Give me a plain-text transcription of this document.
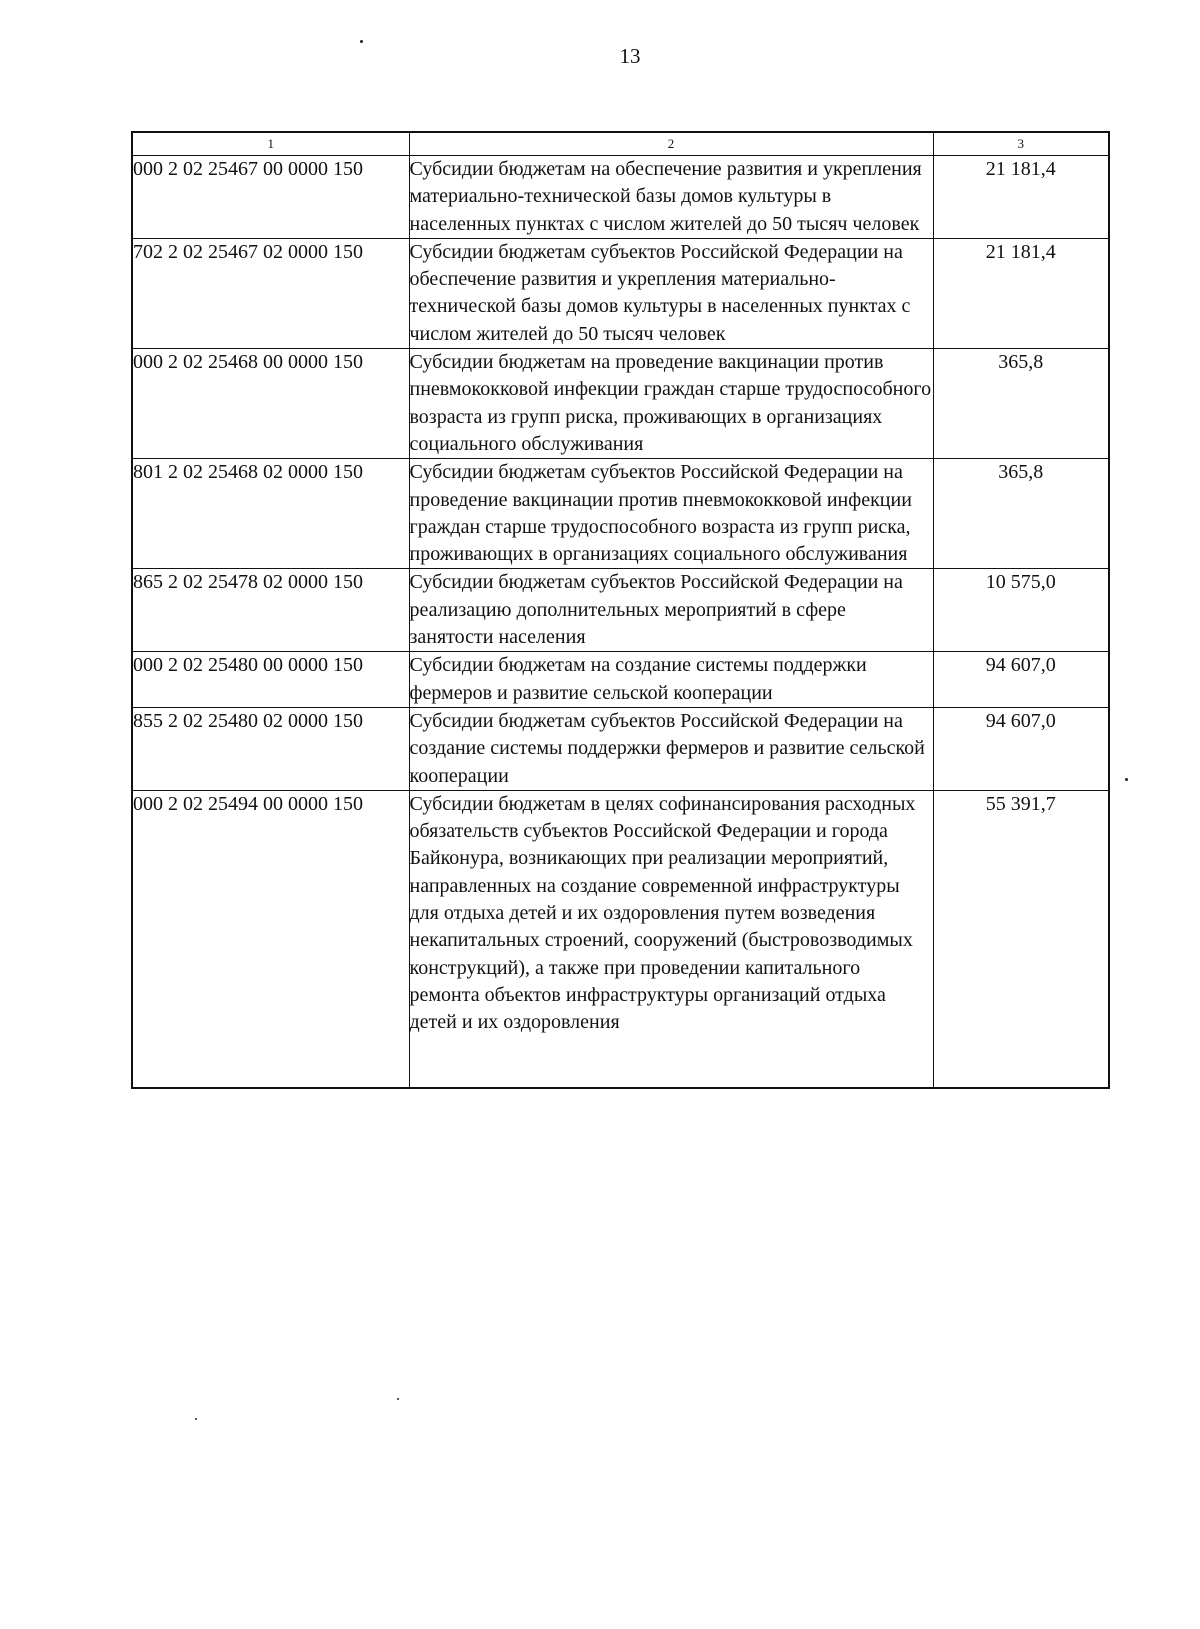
13
1	2	3
000 2 02 25467 00 0000 150	Субсидии бюджетам на обеспечение развития и укрепления материально-технической базы домов культуры в населенных пунктах с числом жителей до 50 тысяч человек	21 181,4
702 2 02 25467 02 0000 150	Субсидии бюджетам субъектов Российской Федерации на обеспечение развития и укрепления материально-технической базы домов культуры в населенных пунктах с числом жителей до 50 тысяч человек	21 181,4
000 2 02 25468 00 0000 150	Субсидии бюджетам на проведение вакцинации против пневмококковой инфекции граждан старше трудоспособного возраста из групп риска, проживающих в организациях социального обслуживания	365,8
801 2 02 25468 02 0000 150	Субсидии бюджетам субъектов Российской Федерации на проведение вакцинации против пневмококковой инфекции граждан старше трудоспособного возраста из групп риска, проживающих в организациях социального обслуживания	365,8
865 2 02 25478 02 0000 150	Субсидии бюджетам субъектов Российской Федерации на реализацию дополнительных мероприятий в сфере занятости населения	10 575,0
000 2 02 25480 00 0000 150	Субсидии бюджетам на создание системы поддержки фермеров и развитие сельской кооперации	94 607,0
855 2 02 25480 02 0000 150	Субсидии бюджетам субъектов Российской Федерации на создание системы поддержки фермеров и развитие сельской кооперации	94 607,0
000 2 02 25494 00 0000 150	Субсидии бюджетам в целях софинансирования расходных обязательств субъектов Российской Федерации и города Байконура, возникающих при реализации мероприятий, направленных на создание современной инфраструктуры для отдыха детей и их оздоровления путем возведения некапитальных строений, сооружений (быстровозводимых конструкций), а также при проведении капитального ремонта объектов инфраструктуры организаций отдыха детей и их оздоровления	55 391,7
